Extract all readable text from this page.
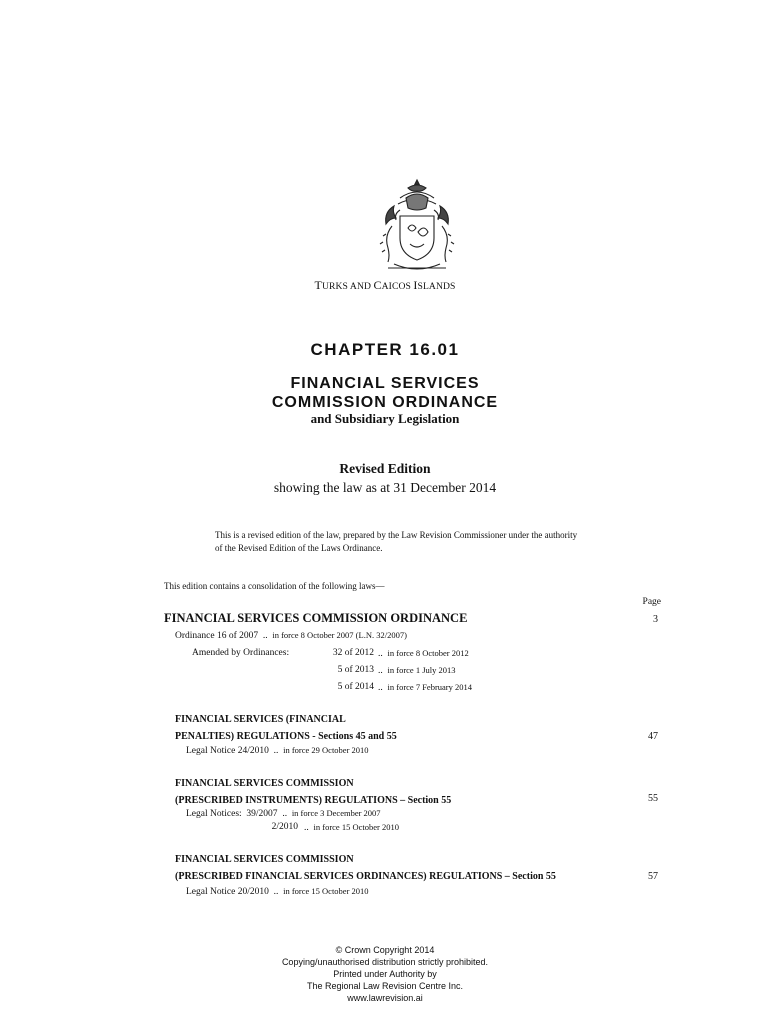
TURKS AND CAICOS ISLANDS
CHAPTER 16.01
FINANCIAL SERVICES
COMMISSION ORDINANCE
and Subsidiary Legislation
Revised Edition
showing the law as at 31 December 2014
This is a revised edition of the law, prepared by the Law Revision Commissioner under the authority
of the Revised Edition of the Laws Ordinance.
This edition contains a consolidation of the following laws—
Page
FINANCIAL SERVICES COMMISSION ORDINANCE	3
Ordinance 16 of 2007 .. in force 8 October 2007 (L.N. 32/2007)
Amended by Ordinances:	32 of 2012 .. in force 8 October 2012
5 of 2013 .. in force 1 July 2013
5 of 2014 .. in force 7 February 2014
FINANCIAL SERVICES (FINANCIAL
PENALTIES) REGULATIONS - Sections 45 and 55	47
Legal Notice 24/2010 .. in force 29 October 2010
FINANCIAL SERVICES COMMISSION
(PRESCRIBED INSTRUMENTS) REGULATIONS – Section 55	55
Legal Notices: 39/2007 .. in force 3 December 2007
2/2010 .. in force 15 October 2010
FINANCIAL SERVICES COMMISSION
(PRESCRIBED FINANCIAL SERVICES ORDINANCES) REGULATIONS – Section 55	57
Legal Notice 20/2010 .. in force 15 October 2010
© Crown Copyright 2014
Copying/unauthorised distribution strictly prohibited.
Printed under Authority by
The Regional Law Revision Centre Inc.
www.lawrevision.ai
